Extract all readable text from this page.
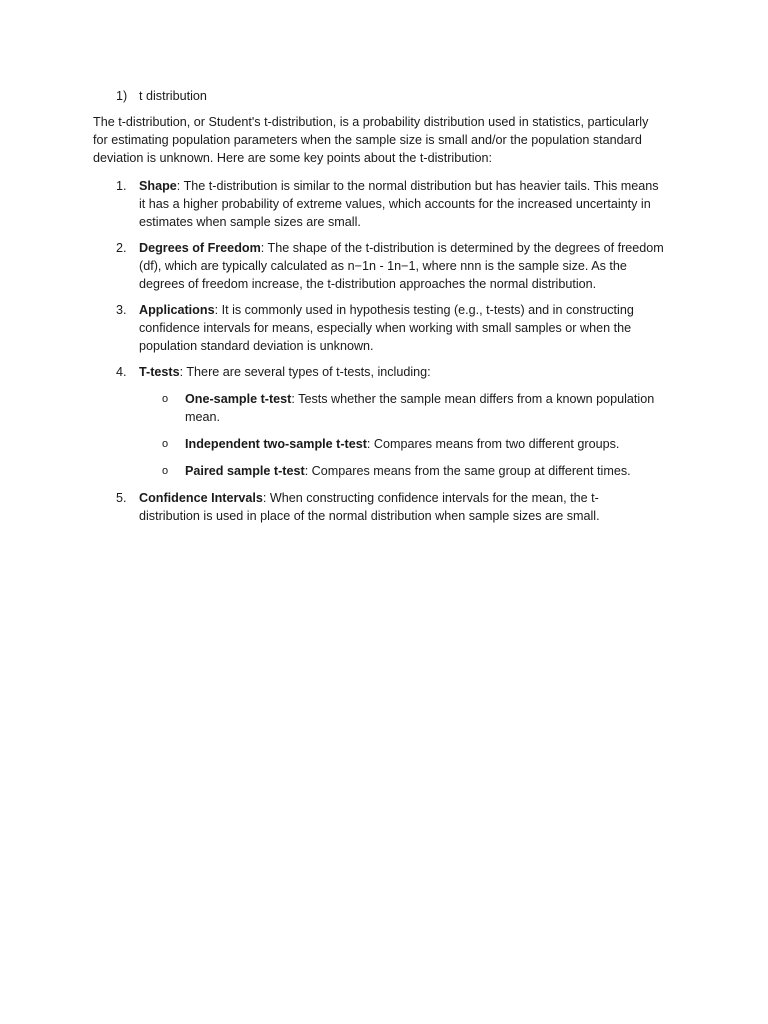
1) t distribution
The t-distribution, or Student's t-distribution, is a probability distribution used in statistics, particularly for estimating population parameters when the sample size is small and/or the population standard deviation is unknown. Here are some key points about the t-distribution:
1. Shape: The t-distribution is similar to the normal distribution but has heavier tails. This means it has a higher probability of extreme values, which accounts for the increased uncertainty in estimates when sample sizes are small.
2. Degrees of Freedom: The shape of the t-distribution is determined by the degrees of freedom (df), which are typically calculated as n−1n - 1n−1, where nnn is the sample size. As the degrees of freedom increase, the t-distribution approaches the normal distribution.
3. Applications: It is commonly used in hypothesis testing (e.g., t-tests) and in constructing confidence intervals for means, especially when working with small samples or when the population standard deviation is unknown.
4. T-tests: There are several types of t-tests, including:
o	One-sample t-test: Tests whether the sample mean differs from a known population mean.
o	Independent two-sample t-test: Compares means from two different groups.
o	Paired sample t-test: Compares means from the same group at different times.
5. Confidence Intervals: When constructing confidence intervals for the mean, the t-distribution is used in place of the normal distribution when sample sizes are small.
